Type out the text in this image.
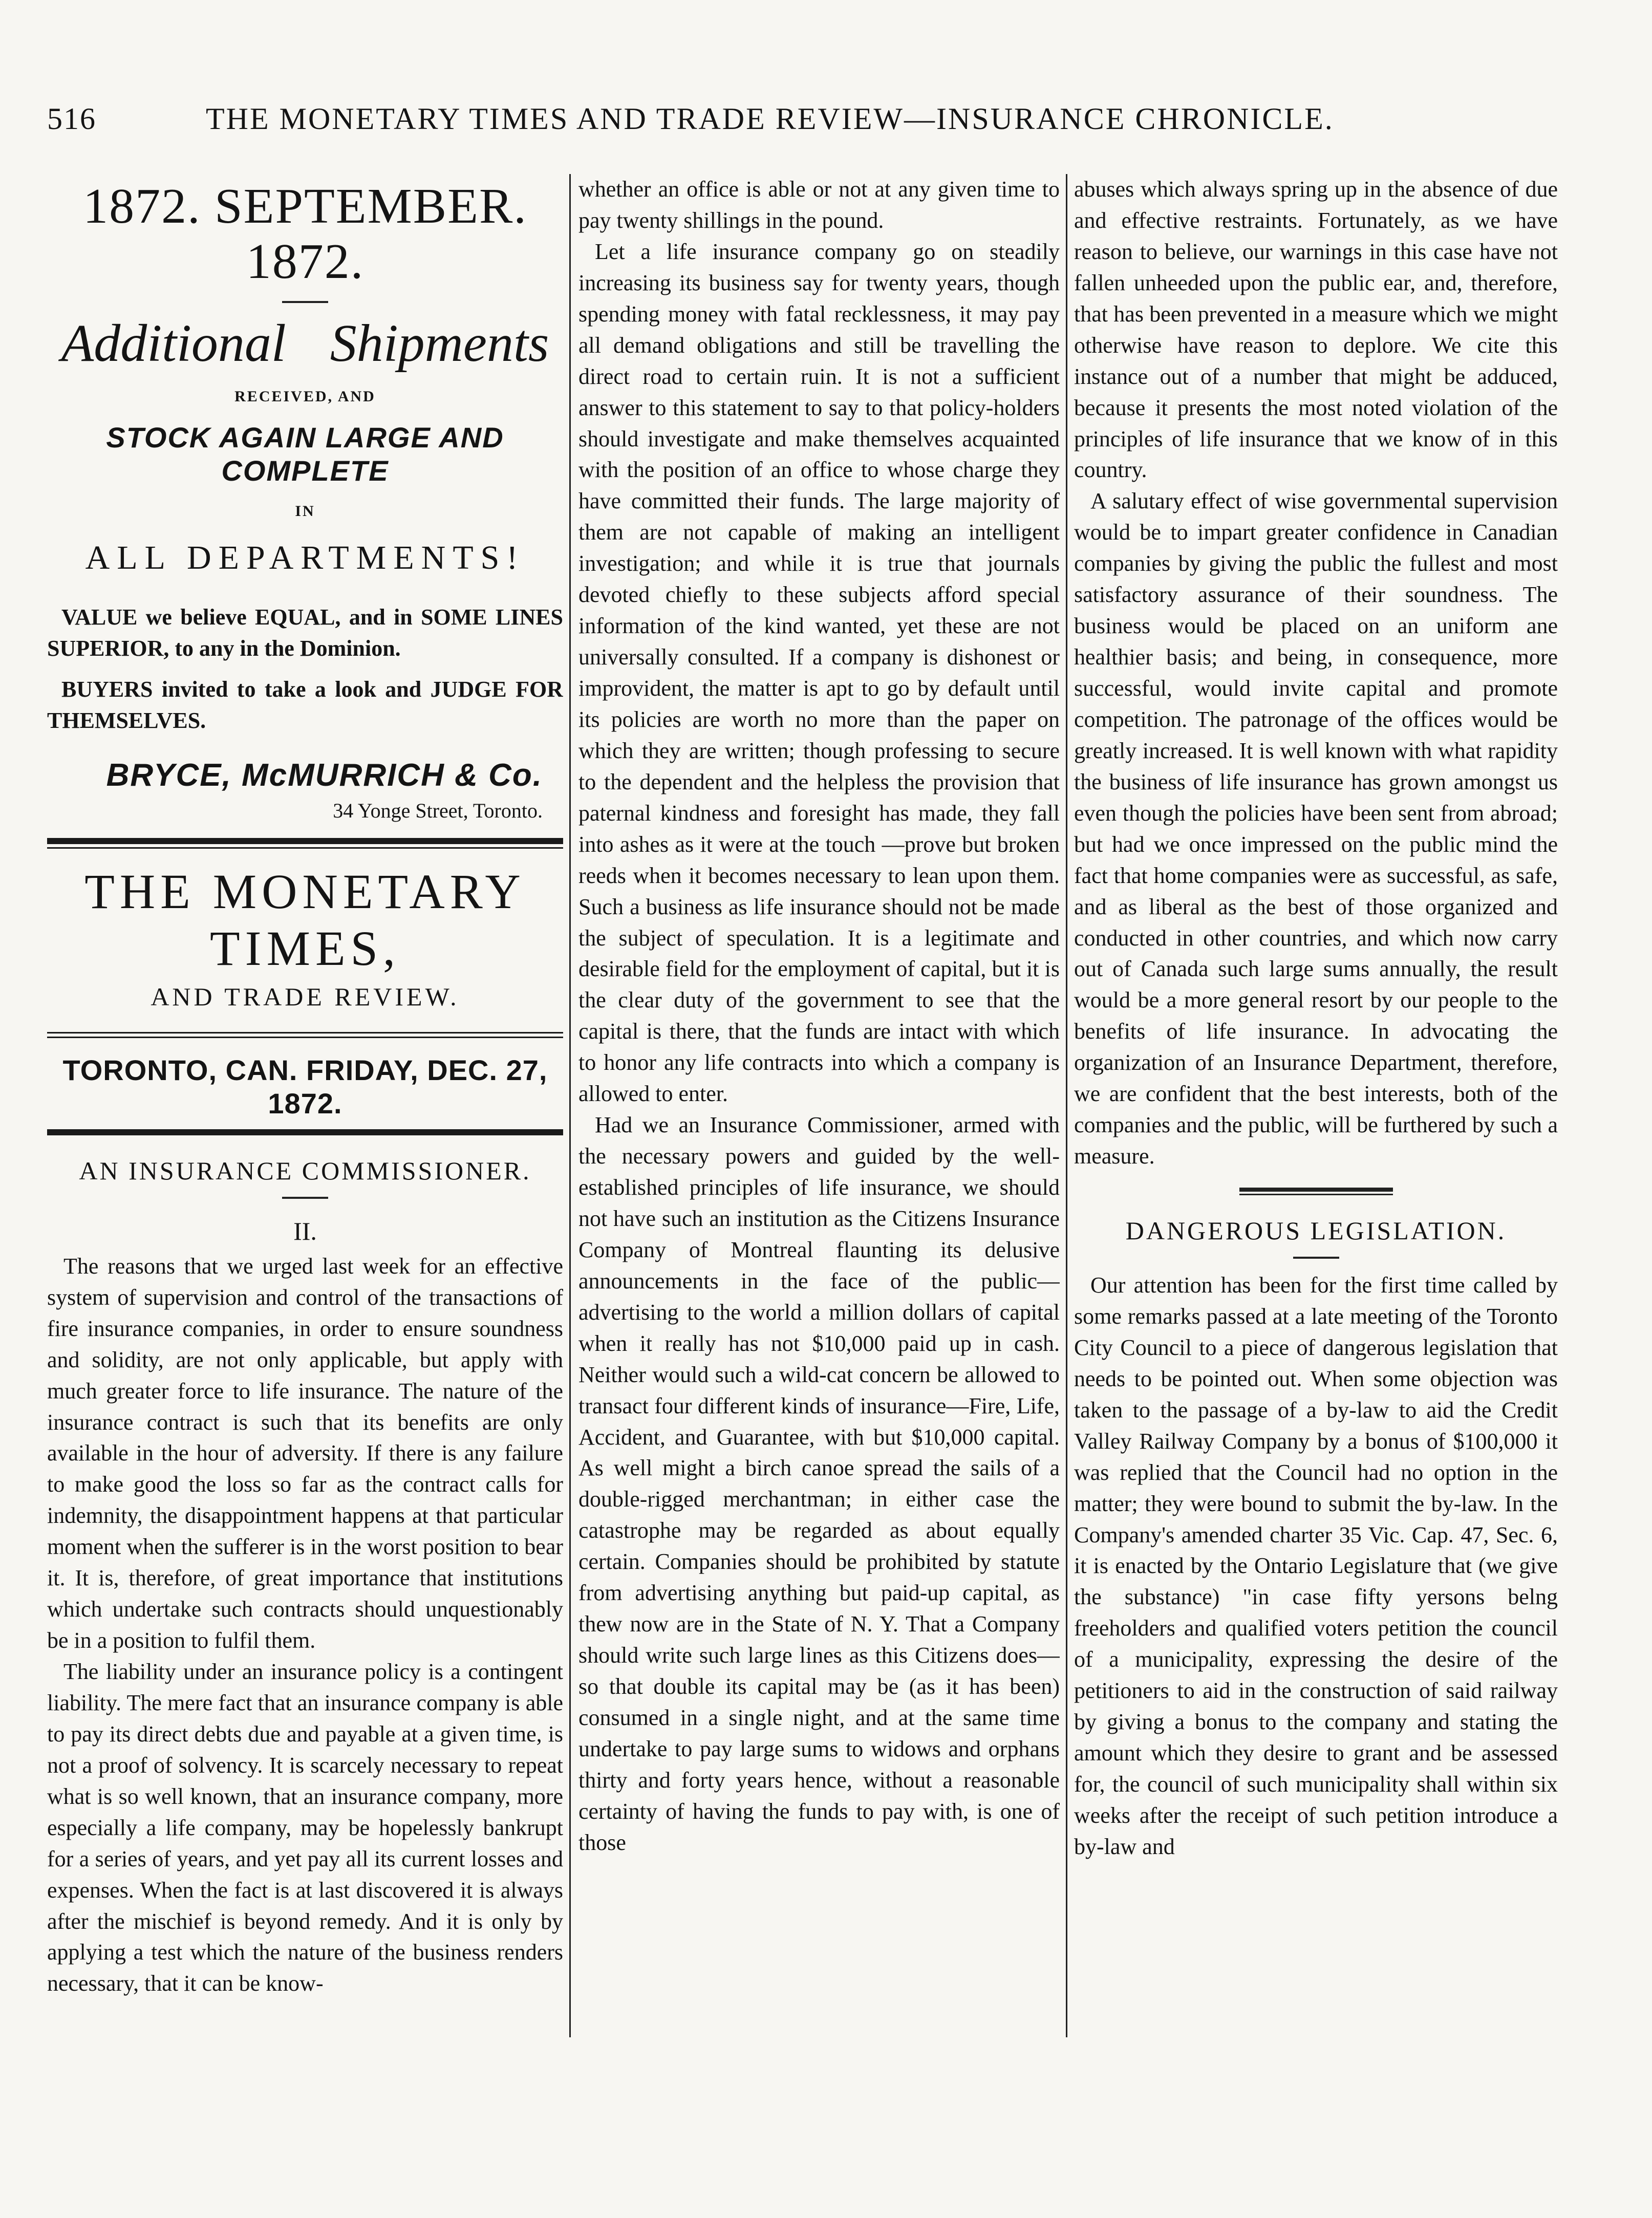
516	THE MONETARY TIMES AND TRADE REVIEW—INSURANCE CHRONICLE.
1872. SEPTEMBER. 1872.
Additional Shipments
RECEIVED, AND
STOCK AGAIN LARGE AND COMPLETE
IN
ALL DEPARTMENTS!

VALUE we believe EQUAL, and in SOME LINES SUPERIOR, to any in the Dominion.

BUYERS invited to take a look and JUDGE FOR THEMSELVES.

BRYCE, McMURRICH & Co.
34 Yonge Street, Toronto.
THE MONETARY TIMES,
AND TRADE REVIEW.
TORONTO, CAN. FRIDAY, DEC. 27, 1872.
AN INSURANCE COMMISSIONER.
II.

The reasons that we urged last week for an effective system of supervision and control of the transactions of fire insurance companies, in order to ensure soundness and solidity, are not only applicable, but apply with much greater force to life insurance. The nature of the insurance contract is such that its benefits are only available in the hour of adversity. If there is any failure to make good the loss so far as the contract calls for indemnity, the disappointment happens at that particular moment when the sufferer is in the worst position to bear it. It is, therefore, of great importance that institutions which undertake such contracts should unquestionably be in a position to fulfil them.

The liability under an insurance policy is a contingent liability. The mere fact that an insurance company is able to pay its direct debts due and payable at a given time, is not a proof of solvency. It is scarcely necessary to repeat what is so well known, that an insurance company, more especially a life company, may be hopelessly bankrupt for a series of years, and yet pay all its current losses and expenses. When the fact is at last discovered it is always after the mischief is beyond remedy. And it is only by applying a test which the nature of the business renders necessary, that it can be know-

whether an office is able or not at any given time to pay twenty shillings in the pound.

Let a life insurance company go on steadily increasing its business say for twenty years, though spending money with fatal recklessness, it may pay all demand obligations and still be travelling the direct road to certain ruin. It is not a sufficient answer to this statement to say to that policy-holders should investigate and make themselves acquainted with the position of an office to whose charge they have committed their funds. The large majority of them are not capable of making an intelligent investigation; and while it is true that journals devoted chiefly to these subjects afford special information of the kind wanted, yet these are not universally consulted. If a company is dishonest or improvident, the matter is apt to go by default until its policies are worth no more than the paper on which they are written; though professing to secure to the dependent and the helpless the provision that paternal kindness and foresight has made, they fall into ashes as it were at the touch —prove but broken reeds when it becomes necessary to lean upon them. Such a business as life insurance should not be made the subject of speculation. It is a legitimate and desirable field for the employment of capital, but it is the clear duty of the government to see that the capital is there, that the funds are intact with which to honor any life contracts into which a company is allowed to enter.

Had we an Insurance Commissioner, armed with the necessary powers and guided by the well-established principles of life insurance, we should not have such an institution as the Citizens Insurance Company of Montreal flaunting its delusive announcements in the face of the public—advertising to the world a million dollars of capital when it really has not $10,000 paid up in cash. Neither would such a wild-cat concern be allowed to transact four different kinds of insurance—Fire, Life, Accident, and Guarantee, with but $10,000 capital. As well might a birch canoe spread the sails of a double-rigged merchantman; in either case the catastrophe may be regarded as about equally certain. Companies should be prohibited by statute from advertising anything but paid-up capital, as thew now are in the State of N. Y. That a Company should write such large lines as this Citizens does—so that double its capital may be (as it has been) consumed in a single night, and at the same time undertake to pay large sums to widows and orphans thirty and forty years hence, without a reasonable certainty of having the funds to pay with, is one of those

abuses which always spring up in the absence of due and effective restraints. Fortunately, as we have reason to believe, our warnings in this case have not fallen unheeded upon the public ear, and, therefore, that has been prevented in a measure which we might otherwise have reason to deplore. We cite this instance out of a number that might be adduced, because it presents the most noted violation of the principles of life insurance that we know of in this country.

A salutary effect of wise governmental supervision would be to impart greater confidence in Canadian companies by giving the public the fullest and most satisfactory assurance of their soundness. The business would be placed on an uniform ane healthier basis; and being, in consequence, more successful, would invite capital and promote competition. The patronage of the offices would be greatly increased. It is well known with what rapidity the business of life insurance has grown amongst us even though the policies have been sent from abroad; but had we once impressed on the public mind the fact that home companies were as successful, as safe, and as liberal as the best of those organized and conducted in other countries, and which now carry out of Canada such large sums annually, the result would be a more general resort by our people to the benefits of life insurance. In advocating the organization of an Insurance Department, therefore, we are confident that the best interests, both of the companies and the public, will be furthered by such a measure.

DANGEROUS LEGISLATION.

Our attention has been for the first time called by some remarks passed at a late meeting of the Toronto City Council to a piece of dangerous legislation that needs to be pointed out. When some objection was taken to the passage of a by-law to aid the Credit Valley Railway Company by a bonus of $100,000 it was replied that the Council had no option in the matter; they were bound to submit the by-law. In the Company's amended charter 35 Vic. Cap. 47, Sec. 6, it is enacted by the Ontario Legislature that (we give the substance) "in case fifty yersons belng freeholders and qualified voters petition the council of a municipality, expressing the desire of the petitioners to aid in the construction of said railway by giving a bonus to the company and stating the amount which they desire to grant and be assessed for, the council of such municipality shall within six weeks after the receipt of such petition introduce a by-law and
